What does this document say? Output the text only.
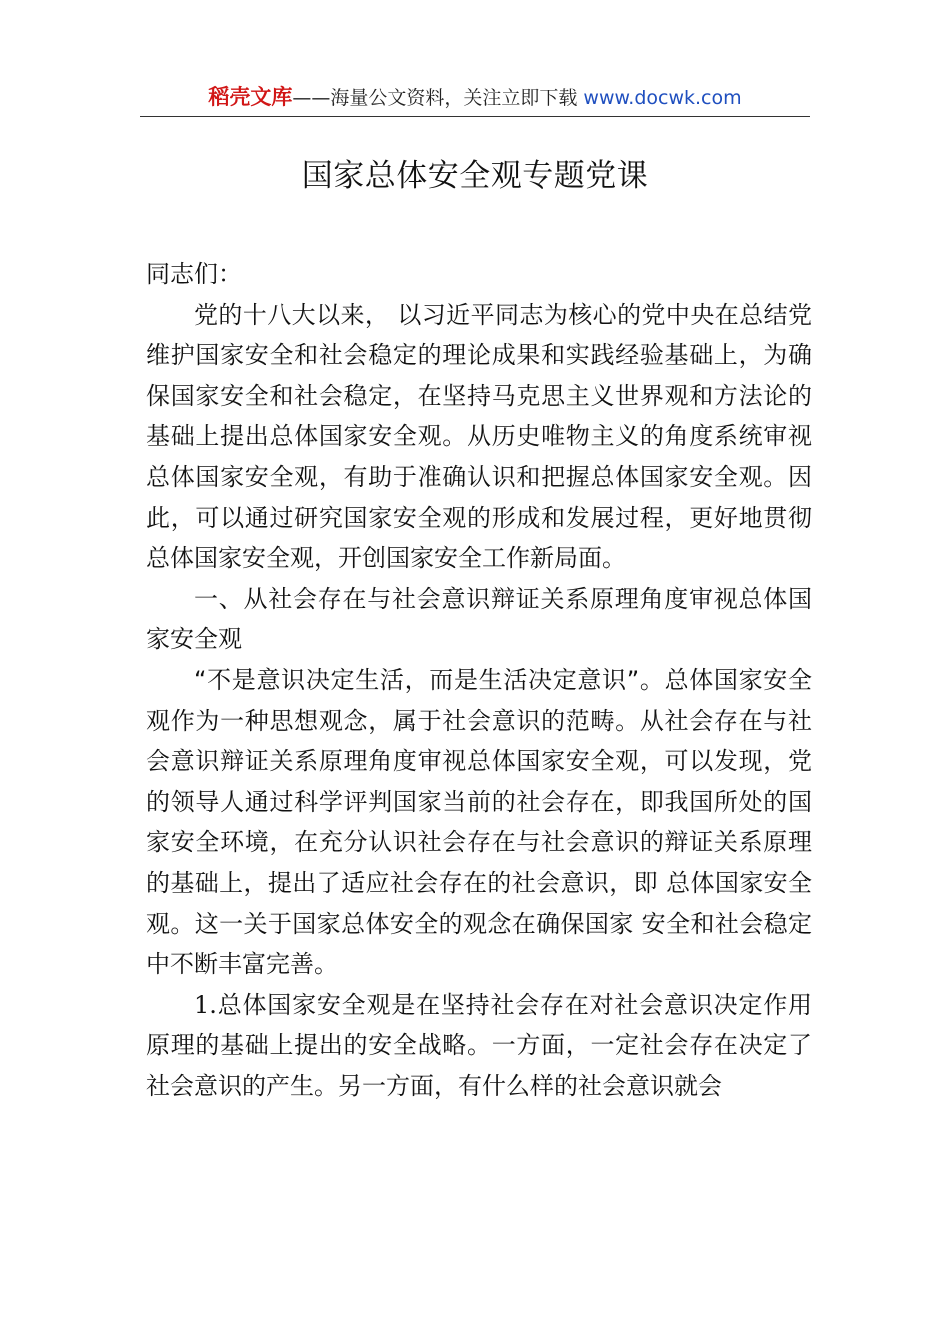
稻壳文库——海量公文资料，关注立即下载 www.docwk.com
国家总体安全观专题党课

同志们：

党的十八大以来， 以习近平同志为核心的党中央在总结党维护国家安全和社会稳定的理论成果和实践经验基础上，为确保国家安全和社会稳定，在坚持马克思主义世界观和方法论的基础上提出总体国家安全观。从历史唯物主义的角度系统审视总体国家安全观，有助于准确认识和把握总体国家安全观。因此，可以通过研究国家安全观的形成和发展过程，更好地贯彻总体国家安全观，开创国家安全工作新局面。

一、从社会存在与社会意识辩证关系原理角度审视总体国家安全观

“不是意识决定生活，而是生活决定意识”。总体国家安全观作为一种思想观念，属于社会意识的范畴。从社会存在与社会意识辩证关系原理角度审视总体国家安全观，可以发现，党的领导人通过科学评判国家当前的社会存在，即我国所处的国家安全环境，在充分认识社会存在与社会意识的辩证关系原理的基础上，提出了适应社会存在的社会意识，即 总体国家安全观。这一关于国家总体安全的观念在确保国家 安全和社会稳定中不断丰富完善。

1.总体国家安全观是在坚持社会存在对社会意识决定作用原理的基础上提出的安全战略。一方面，一定社会存在决定了社会意识的产生。另一方面，有什么样的社会意识就会
